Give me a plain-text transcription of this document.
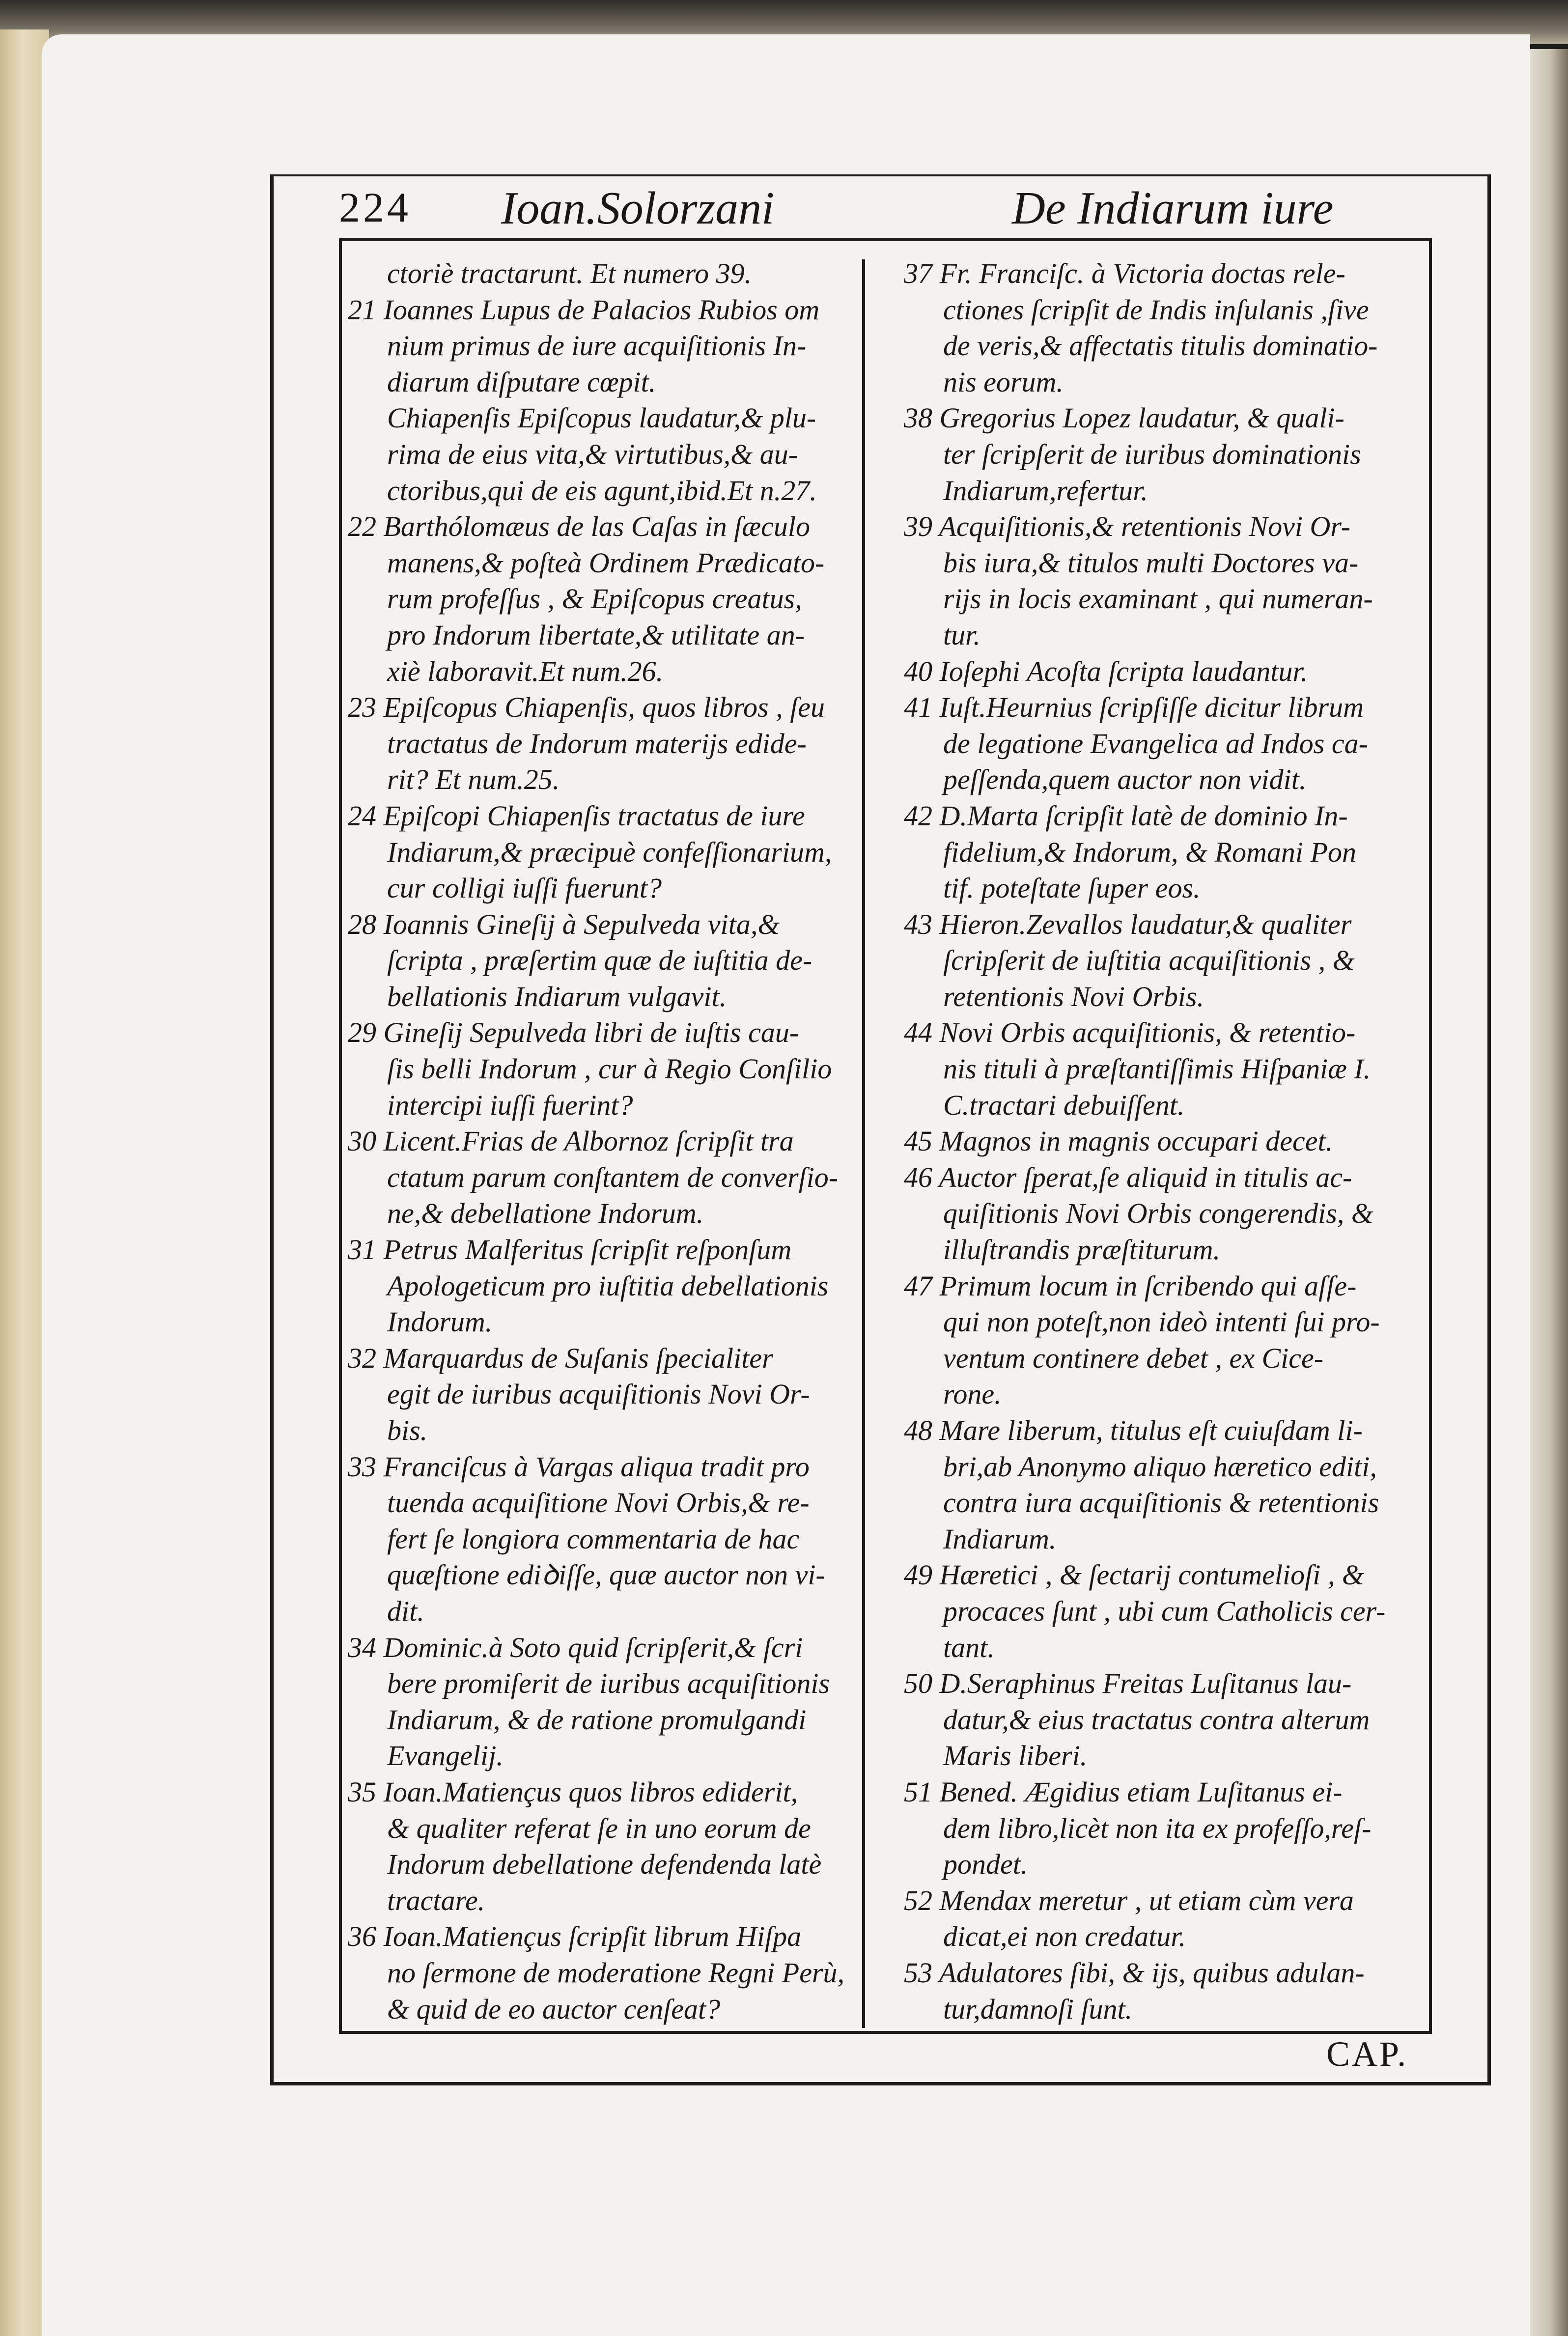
224 Ioan.Solorzani	De Indiarum iure
ctoriè tractarunt. Et numero 39.
21 Ioannes Lupus de Palacios Rubios om
nium primus de iure acquiſitionis In-
diarum diſputare cœpit.
Chiapenſis Epiſcopus laudatur,& plu-
rima de eius vita,& virtutibus,& au-
ctoribus,qui de eis agunt,ibid.Et n.27.
22 Barthólomæus de las Caſas in ſæculo
manens,& poſteà Ordinem Prædicato-
rum profeſſus , & Epiſcopus creatus,
pro Indorum libertate,& utilitate an-
xiè laboravit.Et num.26.
23 Epiſcopus Chiapenſis, quos libros , ſeu
tractatus de Indorum materijs edide-
rit? Et num.25.
24 Epiſcopi Chiapenſis tractatus de iure
Indiarum,& præcipuè confeſſionarium,
cur colligi iuſſi fuerunt?
28 Ioannis Gineſij à Sepulveda vita,&
ſcripta , præſertim quæ de iuſtitia de-
bellationis Indiarum vulgavit.
29 Gineſij Sepulveda libri de iuſtis cau-
ſis belli Indorum , cur à Regio Conſilio
intercipi iuſſi fuerint?
30 Licent.Frias de Albornoz ſcripſit tra
ctatum parum conſtantem de converſio-
ne,& debellatione Indorum.
31 Petrus Malferitus ſcripſit reſponſum
Apologeticum pro iuſtitia debellationis
Indorum.
32 Marquardus de Suſanis ſpecialiter
egit de iuribus acquiſitionis Novi Or-
bis.
33 Franciſcus à Vargas aliqua tradit pro
tuenda acquiſitione Novi Orbis,& re-
fert ſe longiora commentaria de hac
quæſtione ediꝺiſſe, quæ auctor non vi-
dit.
34 Dominic.à Soto quid ſcripſerit,& ſcri
bere promiſerit de iuribus acquiſitionis
Indiarum, & de ratione promulgandi
Evangelij.
35 Ioan.Matiençus quos libros ediderit,
& qualiter referat ſe in uno eorum de
Indorum debellatione defendenda latè
tractare.
36 Ioan.Matiençus ſcripſit librum Hiſpa
no ſermone de moderatione Regni Perù,
& quid de eo auctor cenſeat?
37 Fr. Franciſc. à Victoria doctas rele-
ctiones ſcripſit de Indis inſulanis ,ſive
de veris,& affectatis titulis dominatio-
nis eorum.
38 Gregorius Lopez laudatur, & quali-
ter ſcripſerit de iuribus dominationis
Indiarum,refertur.
39 Acquiſitionis,& retentionis Novi Or-
bis iura,& titulos multi Doctores va-
rijs in locis examinant , qui numeran-
tur.
40 Ioſephi Acoſta ſcripta laudantur.
41 Iuſt.Heurnius ſcripſiſſe dicitur librum
de legatione Evangelica ad Indos ca-
peſſenda,quem auctor non vidit.
42 D.Marta ſcripſit latè de dominio In-
fidelium,& Indorum, & Romani Pon
tif. poteſtate ſuper eos.
43 Hieron.Zevallos laudatur,& qualiter
ſcripſerit de iuſtitia acquiſitionis , &
retentionis Novi Orbis.
44 Novi Orbis acquiſitionis, & retentio-
nis tituli à præſtantiſſimis Hiſpaniæ I.
C.tractari debuiſſent.
45 Magnos in magnis occupari decet.
46 Auctor ſperat,ſe aliquid in titulis ac-
quiſitionis Novi Orbis congerendis, &
illuſtrandis præſtiturum.
47 Primum locum in ſcribendo qui aſſe-
qui non poteſt,non ideò intenti ſui pro-
ventum continere debet , ex Cice-
rone.
48 Mare liberum, titulus eſt cuiuſdam li-
bri,ab Anonymo aliquo hæretico editi,
contra iura acquiſitionis & retentionis
Indiarum.
49 Hæretici , & ſectarij contumelioſi , &
procaces ſunt , ubi cum Catholicis cer-
tant.
50 D.Seraphinus Freitas Luſitanus lau-
datur,& eius tractatus contra alterum
Maris liberi.
51 Bened. Ægidius etiam Luſitanus ei-
dem libro,licèt non ita ex profeſſo,reſ-
pondet.
52 Mendax meretur , ut etiam cùm vera
dicat,ei non credatur.
53 Adulatores ſibi, & ijs, quibus adulan-
tur,damnoſi ſunt.
CAP.
